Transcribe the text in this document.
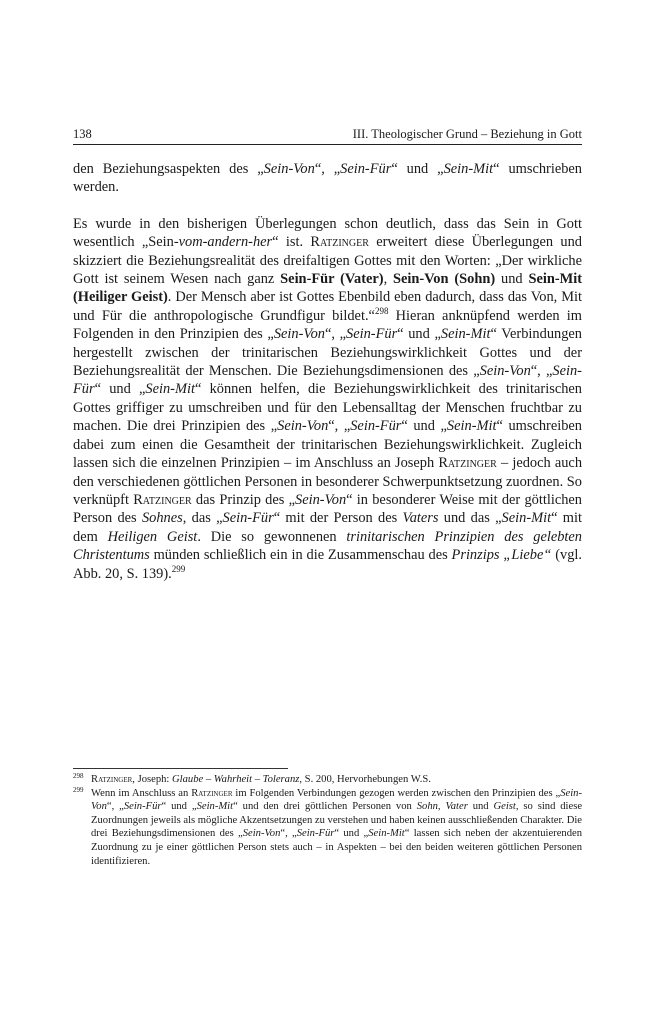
138	III. Theologischer Grund – Beziehung in Gott

den Beziehungsaspekten des „Sein-Von“, „Sein-Für“ und „Sein-Mit“ umschrieben werden.

Es wurde in den bisherigen Überlegungen schon deutlich, dass das Sein in Gott wesentlich „Sein-vom-andern-her“ ist. Ratzinger erweitert diese Überlegungen und skizziert die Beziehungsrealität des dreifaltigen Gottes mit den Worten: „Der wirkliche Gott ist seinem Wesen nach ganz Sein-Für (Vater), Sein-Von (Sohn) und Sein-Mit (Heiliger Geist). Der Mensch aber ist Gottes Ebenbild eben dadurch, dass das Von, Mit und Für die anthropologische Grundfigur bildet.“$^{298}$ Hieran anknüpfend werden im Folgenden in den Prinzipien des „Sein-Von“, „Sein-Für“ und „Sein-Mit“ Verbindungen hergestellt zwischen der trinitarischen Beziehungswirklichkeit Gottes und der Beziehungsrealität der Menschen. Die Beziehungsdimensionen des „Sein-Von“, „Sein-Für“ und „Sein-Mit“ können helfen, die Beziehungswirklichkeit des trinitarischen Gottes griffiger zu umschreiben und für den Lebensalltag der Menschen fruchtbar zu machen. Die drei Prinzipien des „Sein-Von“, „Sein-Für“ und „Sein-Mit“ umschreiben dabei zum einen die Gesamtheit der trinitarischen Beziehungswirklichkeit. Zugleich lassen sich die einzelnen Prinzipien – im Anschluss an Joseph Ratzinger – jedoch auch den verschiedenen göttlichen Personen in besonderer Schwerpunktsetzung zuordnen. So verknüpft Ratzinger das Prinzip des „Sein-Von“ in besonderer Weise mit der göttlichen Person des Sohnes, das „Sein-Für“ mit der Person des Vaters und das „Sein-Mit“ mit dem Heiligen Geist. Die so gewonnenen trinitarischen Prinzipien des gelebten Christentums münden schließlich ein in die Zusammenschau des Prinzips „Liebe“ (vgl. Abb. 20, S. 139).$^{299}$

298 Ratzinger, Joseph: Glaube – Wahrheit – Toleranz, S. 200, Hervorhebungen W.S.

299 Wenn im Anschluss an Ratzinger im Folgenden Verbindungen gezogen werden zwischen den Prinzipien des „Sein-Von“, „Sein-Für“ und „Sein-Mit“ und den drei göttlichen Personen von Sohn, Vater und Geist, so sind diese Zuordnungen jeweils als mögliche Akzentsetzungen zu verstehen und haben keinen ausschließenden Charakter. Die drei Beziehungsdimensionen des „Sein-Von“, „Sein-Für“ und „Sein-Mit“ lassen sich neben der akzentuierenden Zuordnung zu je einer göttlichen Person stets auch – in Aspekten – bei den beiden weiteren göttlichen Personen identifizieren.
